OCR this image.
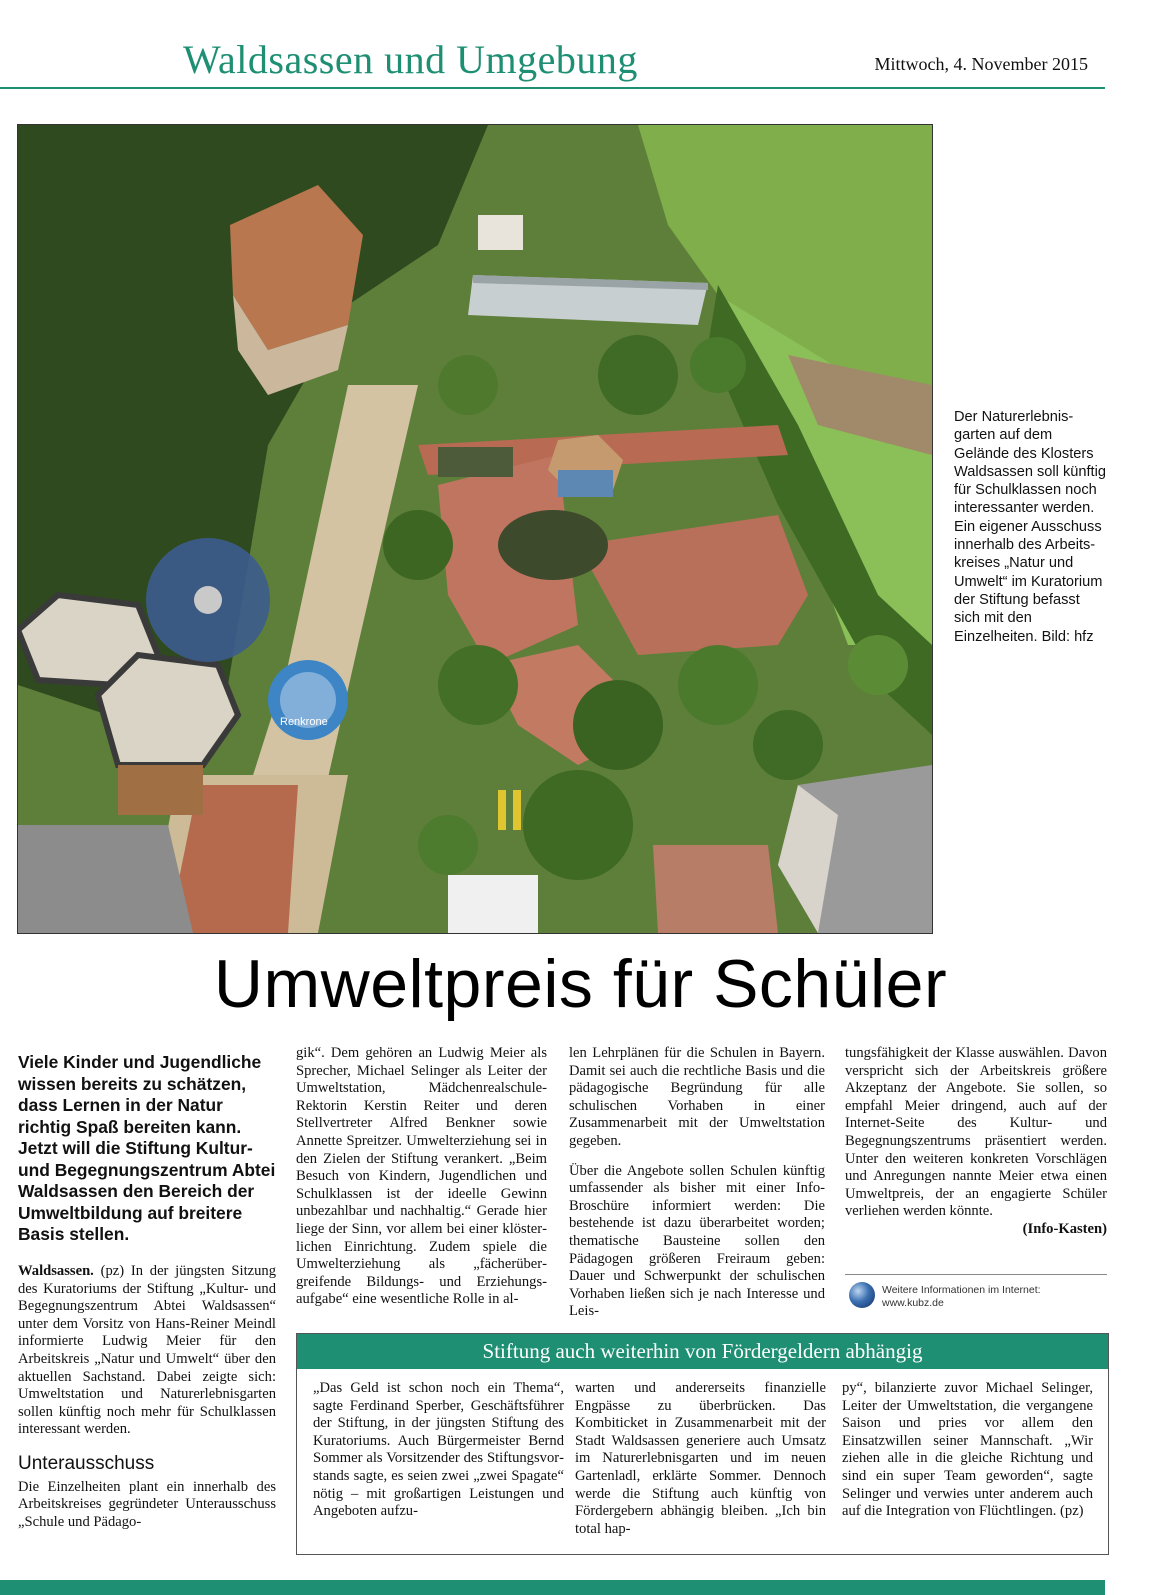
Waldsassen und Umgebung	Mittwoch, 4. November 2015
Renkrone
Der Naturerlebnisgarten auf dem Gelände des Klosters Waldsassen soll künftig für Schulklassen noch interessanter werden. Ein eigener Ausschuss innerhalb des Arbeitskreises „Natur und Umwelt“ im Kuratorium der Stiftung befasst sich mit den Einzelheiten. Bild: hfz
Umweltpreis für Schüler
Viele Kinder und Jugendliche wissen bereits zu schätzen, dass Lernen in der Natur richtig Spaß bereiten kann. Jetzt will die Stiftung Kultur- und Begegnungszentrum Abtei Waldsassen den Bereich der Umweltbildung auf breitere Basis stellen.

Waldsassen. (pz) In der jüngsten Sitzung des Kuratoriums der Stiftung „Kultur- und Begegnungszentrum Abtei Waldsassen“ unter dem Vorsitz von Hans-Reiner Meindl informierte Ludwig Meier für den Arbeitskreis „Natur und Umwelt“ über den aktuellen Sachstand. Dabei zeigte sich: Umweltstation und Naturerlebnisgarten sollen künftig noch mehr für Schulklassen interessant werden.

Unterausschuss

Die Einzelheiten plant ein innerhalb des Arbeitskreises gegründeter Unterausschuss „Schule und Pädago-

gik“. Dem gehören an Ludwig Meier als Sprecher, Michael Selinger als Leiter der Umweltstation, Mädchenrealschule-Rektorin Kerstin Reiter und deren Stellvertreter Alfred Benkner sowie Annette Spreitzer. Umwelterziehung sei in den Zielen der Stiftung verankert. „Beim Besuch von Kindern, Jugendlichen und Schulklassen ist der ideelle Gewinn unbezahlbar und nachhaltig.“ Gerade hier liege der Sinn, vor allem bei einer klösterlichen Einrichtung. Zudem spiele die Umwelterziehung als „fächerübergreifende Bildungs- und Erziehungsaufgabe“ eine wesentliche Rolle in al-

len Lehrplänen für die Schulen in Bayern. Damit sei auch die rechtliche Basis und die pädagogische Begründung für alle schulischen Vorhaben in einer Zusammenarbeit mit der Umweltstation gegeben.

Über die Angebote sollen Schulen künftig umfassender als bisher mit einer Info-Broschüre informiert werden: Die bestehende ist dazu überarbeitet worden; thematische Bausteine sollen den Pädagogen größeren Freiraum geben: Dauer und Schwerpunkt der schulischen Vorhaben ließen sich je nach Interesse und Leis-

tungsfähigkeit der Klasse auswählen. Davon verspricht sich der Arbeitskreis größere Akzeptanz der Angebote. Sie sollen, so empfahl Meier dringend, auch auf der Internet-Seite des Kultur- und Begegnungszentrums präsentiert werden. Unter den weiteren konkreten Vorschlägen und Anregungen nannte Meier etwa einen Umweltpreis, der an engagierte Schüler verliehen werden könnte.

(Info-Kasten)
Weitere Informationen im Internet:
www.kubz.de
Stiftung auch weiterhin von Fördergeldern abhängig
„Das Geld ist schon noch ein Thema“, sagte Ferdinand Sperber, Geschäftsführer der Stiftung, in der jüngsten Stiftung des Kuratoriums. Auch Bürgermeister Bernd Sommer als Vorsitzender des Stiftungsvorstands sagte, es seien zwei „zwei Spagate“ nötig – mit großartigen Leistungen und Angeboten aufzu-
warten und andererseits finanzielle Engpässe zu überbrücken. Das Kombiticket in Zusammenarbeit mit der Stadt Waldsassen generiere auch Umsatz im Naturerlebnisgarten und im neuen Gartenladl, erklärte Sommer. Dennoch werde die Stiftung auch künftig von Fördergebern abhängig bleiben. „Ich bin total hap-
py“, bilanzierte zuvor Michael Selinger, Leiter der Umweltstation, die vergangene Saison und pries vor allem den Einsatzwillen seiner Mannschaft. „Wir ziehen alle in die gleiche Richtung und sind ein super Team geworden“, sagte Selinger und verwies unter anderem auch auf die Integration von Flüchtlingen. (pz)
